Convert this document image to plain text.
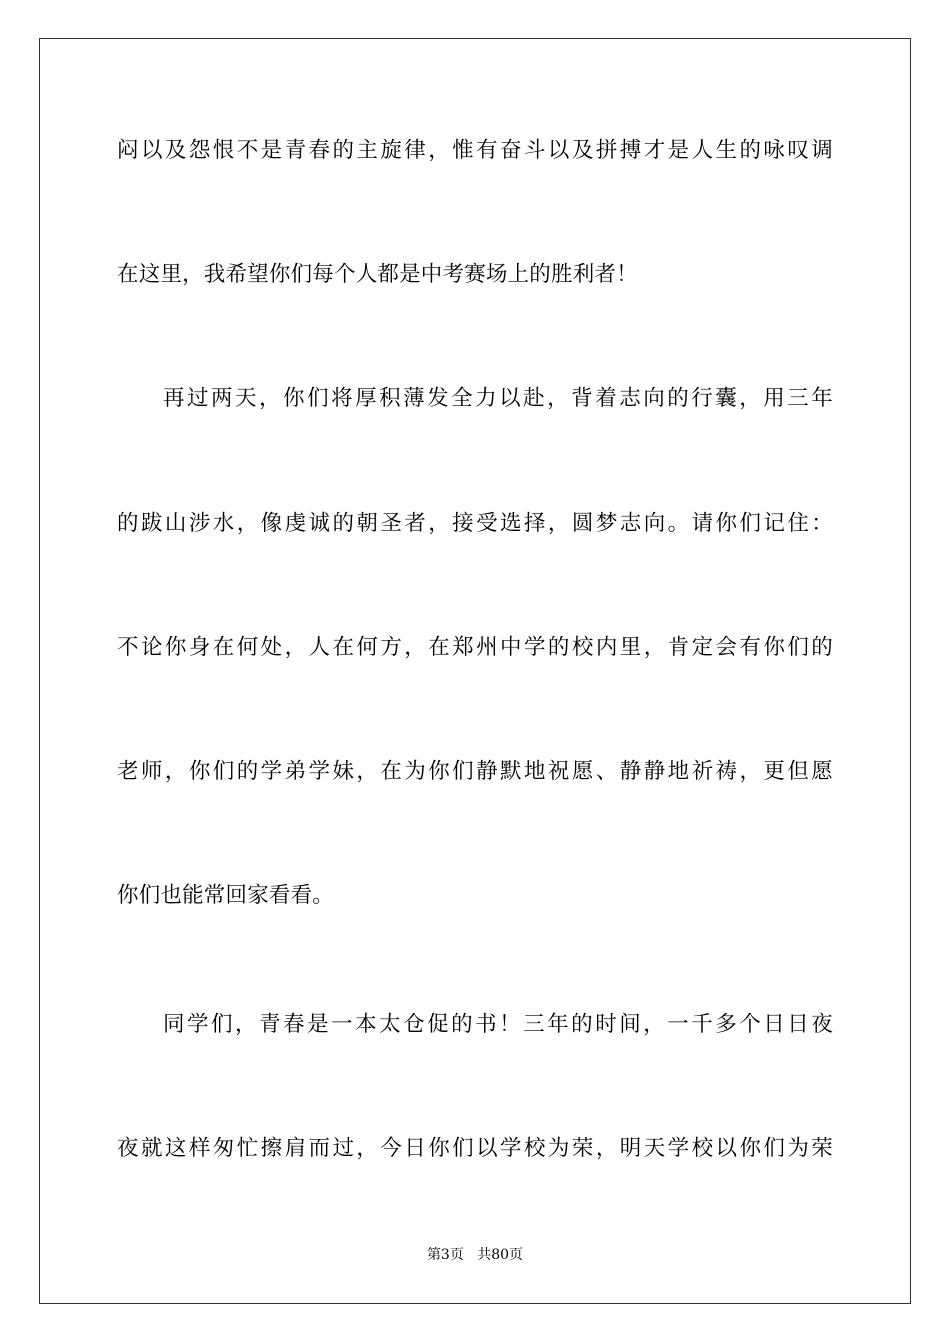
闷以及怨恨不是青春的主旋律，惟有奋斗以及拼搏才是人生的咏叹调
在这里，我希望你们每个人都是中考赛场上的胜利者！
再过两天，你们将厚积薄发全力以赴，背着志向的行囊，用三年
的跋山涉水，像虔诚的朝圣者，接受选择，圆梦志向。请你们记住：
不论你身在何处，人在何方，在郑州中学的校内里，肯定会有你们的
老师，你们的学弟学妹，在为你们静默地祝愿、静静地祈祷，更但愿
你们也能常回家看看。
同学们，青春是一本太仓促的书！三年的时间，一千多个日日夜
夜就这样匆忙擦肩而过，今日你们以学校为荣，明天学校以你们为荣
第3页 共80页
